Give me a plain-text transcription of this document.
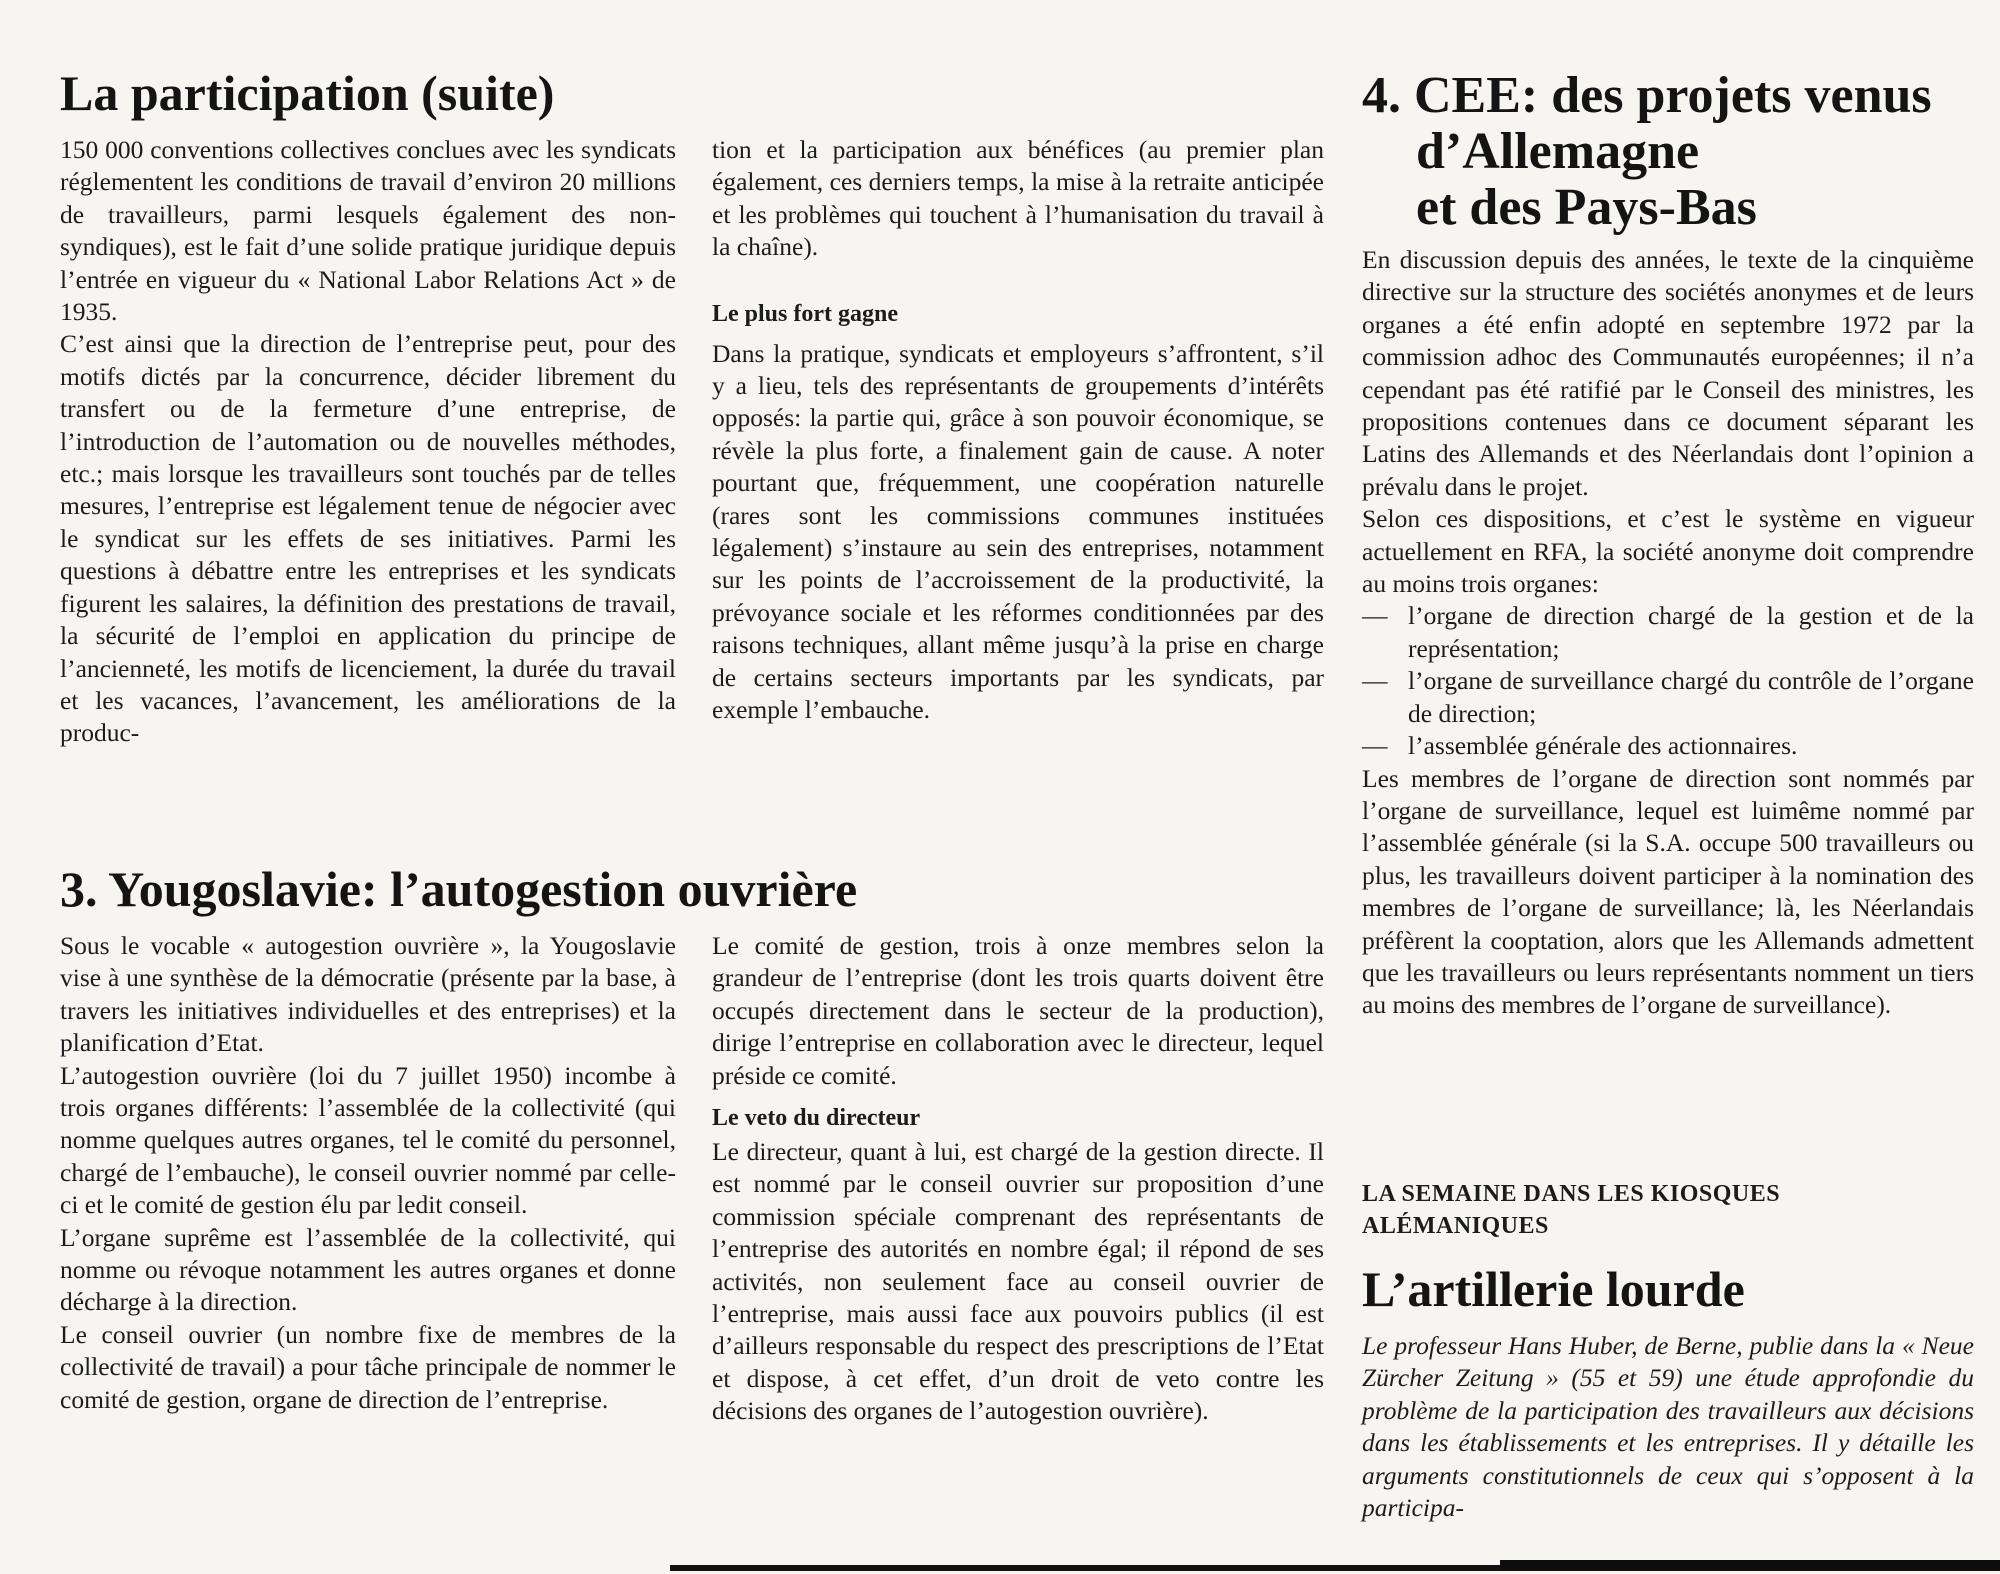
La participation (suite)

150 000 conventions collectives conclues avec les syndicats réglementent les conditions de travail d’environ 20 millions de travailleurs, parmi lesquels également des non-syndiques), est le fait d’une solide pratique juridique depuis l’entrée en vigueur du « National Labor Relations Act » de 1935.

C’est ainsi que la direction de l’entreprise peut, pour des motifs dictés par la concurrence, décider librement du transfert ou de la fermeture d’une entreprise, de l’introduction de l’automation ou de nouvelles méthodes, etc.; mais lorsque les travailleurs sont touchés par de telles mesures, l’entreprise est légalement tenue de négocier avec le syndicat sur les effets de ses initiatives. Parmi les questions à débattre entre les entreprises et les syndicats figurent les salaires, la définition des prestations de travail, la sécurité de l’emploi en application du principe de l’ancienneté, les motifs de licenciement, la durée du travail et les vacances, l’avancement, les améliorations de la produc-

tion et la participation aux bénéfices (au premier plan également, ces derniers temps, la mise à la retraite anticipée et les problèmes qui touchent à l’humanisation du travail à la chaîne).

Le plus fort gagne

Dans la pratique, syndicats et employeurs s’affrontent, s’il y a lieu, tels des représentants de groupements d’intérêts opposés: la partie qui, grâce à son pouvoir économique, se révèle la plus forte, a finalement gain de cause. A noter pourtant que, fréquemment, une coopération naturelle (rares sont les commissions communes instituées légalement) s’instaure au sein des entreprises, notamment sur les points de l’accroissement de la productivité, la prévoyance sociale et les réformes conditionnées par des raisons techniques, allant même jusqu’à la prise en charge de certains secteurs importants par les syndicats, par exemple l’embauche.

3. Yougoslavie: l’autogestion ouvrière

Sous le vocable « autogestion ouvrière », la Yougoslavie vise à une synthèse de la démocratie (présente par la base, à travers les initiatives individuelles et des entreprises) et la planification d’Etat.

L’autogestion ouvrière (loi du 7 juillet 1950) incombe à trois organes différents: l’assemblée de la collectivité (qui nomme quelques autres organes, tel le comité du personnel, chargé de l’embauche), le conseil ouvrier nommé par celle-ci et le comité de gestion élu par ledit conseil.

L’organe suprême est l’assemblée de la collectivité, qui nomme ou révoque notamment les autres organes et donne décharge à la direction.

Le conseil ouvrier (un nombre fixe de membres de la collectivité de travail) a pour tâche principale de nommer le comité de gestion, organe de direction de l’entreprise.

Le comité de gestion, trois à onze membres selon la grandeur de l’entreprise (dont les trois quarts doivent être occupés directement dans le secteur de la production), dirige l’entreprise en collaboration avec le directeur, lequel préside ce comité.

Le veto du directeur

Le directeur, quant à lui, est chargé de la gestion directe. Il est nommé par le conseil ouvrier sur proposition d’une commission spéciale comprenant des représentants de l’entreprise des autorités en nombre égal; il répond de ses activités, non seulement face au conseil ouvrier de l’entreprise, mais aussi face aux pouvoirs publics (il est d’ailleurs responsable du respect des prescriptions de l’Etat et dispose, à cet effet, d’un droit de veto contre les décisions des organes de l’autogestion ouvrière).

4. CEE: des projets venus
d’Allemagne
et des Pays-Bas

En discussion depuis des années, le texte de la cinquième directive sur la structure des sociétés anonymes et de leurs organes a été enfin adopté en septembre 1972 par la commission adhoc des Communautés européennes; il n’a cependant pas été ratifié par le Conseil des ministres, les propositions contenues dans ce document séparant les Latins des Allemands et des Néerlandais dont l’opinion a prévalu dans le projet.

Selon ces dispositions, et c’est le système en vigueur actuellement en RFA, la société anonyme doit comprendre au moins trois organes:

— l’organe de direction chargé de la gestion et de la représentation;

— l’organe de surveillance chargé du contrôle de l’organe de direction;

— l’assemblée générale des actionnaires.

Les membres de l’organe de direction sont nommés par l’organe de surveillance, lequel est luimême nommé par l’assemblée générale (si la S.A. occupe 500 travailleurs ou plus, les travailleurs doivent participer à la nomination des membres de l’organe de surveillance; là, les Néerlandais préfèrent la cooptation, alors que les Allemands admettent que les travailleurs ou leurs représentants nomment un tiers au moins des membres de l’organe de surveillance).

LA SEMAINE DANS LES KIOSQUES
ALÉMANIQUES
L’artillerie lourde

Le professeur Hans Huber, de Berne, publie dans la « Neue Zürcher Zeitung » (55 et 59) une étude approfondie du problème de la participation des travailleurs aux décisions dans les établissements et les entreprises. Il y détaille les arguments constitutionnels de ceux qui s’opposent à la participa-
